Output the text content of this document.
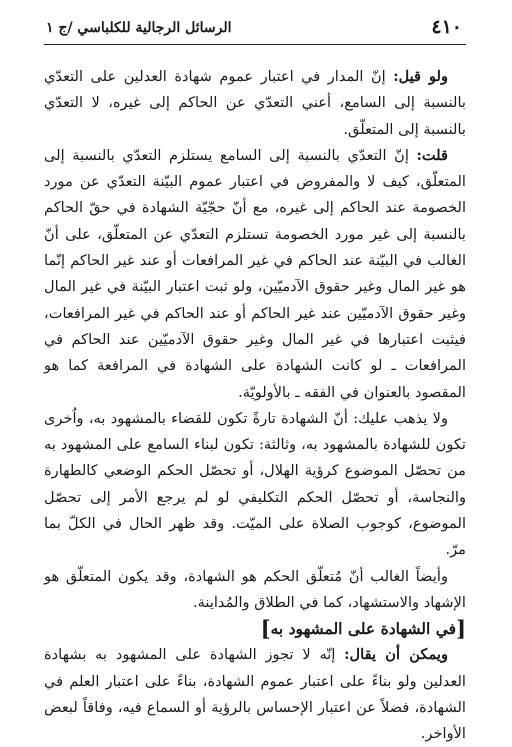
٤١٠
الرسائل الرجالية للكلباسي /ج ١

ولو قيل: إنّ المدار في اعتبار عموم شهادة العدلين على التعدّي بالنسبة إلى السامع، أعني التعدّي عن الحاكم إلى غيره، لا التعدّي بالنسبة إلى المتعلّق.

قلت: إنّ التعدّي بالنسبة إلى السامع يستلزم التعدّي بالنسبة إلى المتعلّق، كيف لا والمفروض في اعتبار عموم البيّنة التعدّي عن مورد الخصومة عند الحاكم إلى غيره، مع أنّ حجّيّة الشهادة في حقّ الحاكم بالنسبة إلى غير مورد الخصومة تستلزم التعدّي عن المتعلّق، على أنّ الغالب في البيّنة عند الحاكم في غير المرافعات أو عند غير الحاكم إنّما هو غير المال وغير حقوق الآدميّين، ولو ثبت اعتبار البيّنة في غير المال وغير حقوق الآدميّين عند غير الحاكم أو عند الحاكم في غير المرافعات، فيثبت اعتبارها في غير المال وغير حقوق الآدميّين عند الحاكم في المرافعات ـ لو كانت الشهادة على الشهادة في المرافعة كما هو المقصود بالعنوان في الفقه ـ بالأولويّة.

ولا يذهب عليك: أنّ الشهادة تارةً تكون للقضاء بالمشهود به، واُخرى تكون للشهادة بالمشهود به، وثالثة: تكون لبناء السامع على المشهود به من تحصّل الموضوع كرؤية الهلال، أو تحصّل الحكم الوضعي كالطهارة والنجاسة، أو تحصّل الحكم التكليفي لو لم يرجع الأمر إلى تحصّل الموضوع، كوجوب الصلاة على الميّت. وقد ظهر الحال في الكلّ بما مرّ.

وأيضاً الغالب أنّ مُتعلّق الحكم هو الشهادة، وقد يكون المتعلّق هو الإشهاد والاستشهاد، كما في الطلاق والمُداينة.

[في الشهادة على المشهود به]

ويمكن أن يقال: إنّه لا تجوز الشهادة على المشهود به بشهادة العدلين ولو بناءً على اعتبار عموم الشهادة، بناءً على اعتبار العلم في الشهادة، فضلاً عن اعتبار الإحساس بالرؤية أو السماع فيه، وفاقاً لبعض الأواخر.
